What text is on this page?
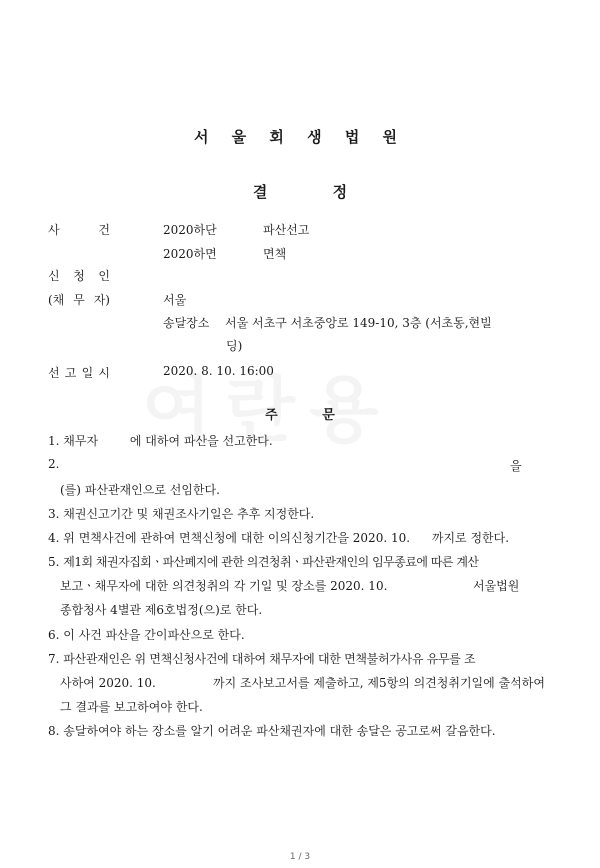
서 울 회 생 법 원
결 정
사	건	2020하단	파산선고
2020하면	면책
신 청 인
(채 무 자)	서울
송달장소 서울 서초구 서초중앙로 149-10, 3층 (서초동,현빌
딩)
선 고 일 시	2020. 8. 10. 16:00
주 문
1. 채무자	에 대하여 파산을 선고한다.
2.	을
(를) 파산관재인으로 선임한다.
3. 채권신고기간 및 채권조사기일은 추후 지정한다.
4. 위 면책사건에 관하여 면책신청에 대한 이의신청기간을 2020. 10. 까지로 정한다.
5. 제1회 채권자집회ㆍ파산폐지에 관한 의견청취ㆍ파산관재인의 임무종료에 따른 계산
보고ㆍ채무자에 대한 의견청취의 각 기일 및 장소를 2020. 10.	서울법원
종합청사 4별관 제6호법정(으)로 한다.
6. 이 사건 파산을 간이파산으로 한다.
7. 파산관재인은 위 면책신청사건에 대하여 채무자에 대한 면책불허가사유 유무를 조
사하여 2020. 10.	까지 조사보고서를 제출하고, 제5항의 의견청취기일에 출석하여
그 결과를 보고하여야 한다.
8. 송달하여야 하는 장소를 알기 어려운 파산채권자에 대한 송달은 공고로써 갈음한다.
1 / 3
